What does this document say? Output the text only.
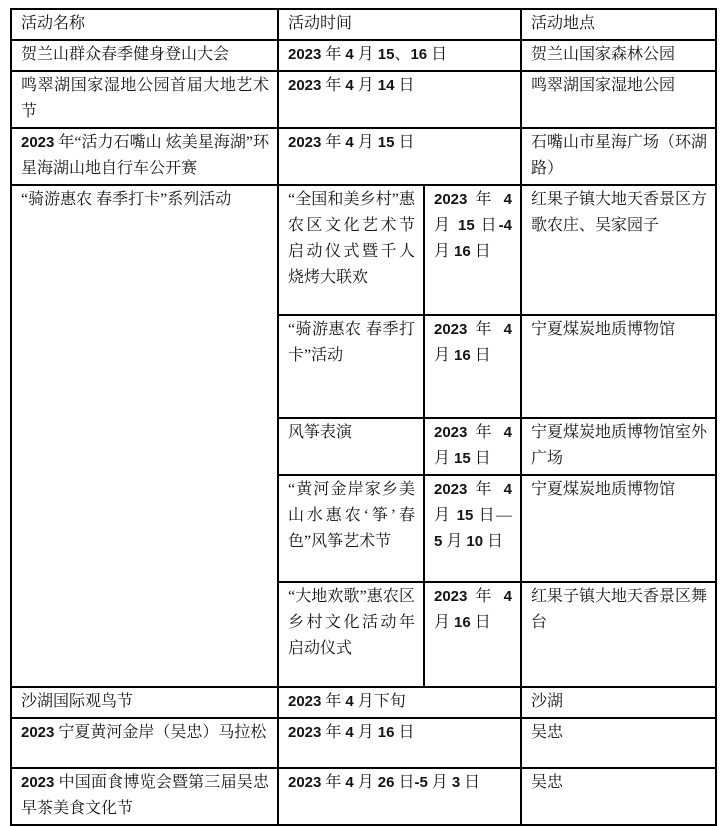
活动名称	活动时间		活动地点
贺兰山群众春季健身登山大会	2023 年 4 月 15、16 日		贺兰山国家森林公园
鸣翠湖国家湿地公园首届大地艺术节	2023 年 4 月 14 日		鸣翠湖国家湿地公园
2023 年“活力石嘴山 炫美星海湖”环星海湖山地自行车公开赛	2023 年 4 月 15 日		石嘴山市星海广场（环湖路）
“骑游惠农 春季打卡”系列活动	“全国和美乡村”惠农区文化艺术节启动仪式暨千人烧烤大联欢	2023 年 4 月 15 日-4 月 16 日	红果子镇大地天香景区方歌农庄、吴家园子
	“骑游惠农 春季打卡”活动	2023 年 4 月 16 日	宁夏煤炭地质博物馆
	风筝表演	2023 年 4 月 15 日	宁夏煤炭地质博物馆室外广场
	“黄河金岸家乡美 山水惠农‘筝’春色”风筝艺术节	2023 年 4 月 15 日—5 月 10 日	宁夏煤炭地质博物馆
	“大地欢歌”惠农区乡村文化活动年启动仪式	2023 年 4 月 16 日	红果子镇大地天香景区舞台
沙湖国际观鸟节	2023 年 4 月下旬		沙湖
2023 宁夏黄河金岸（吴忠）马拉松	2023 年 4 月 16 日		吴忠
2023 中国面食博览会暨第三届吴忠早茶美食文化节	2023 年 4 月 26 日-5 月 3 日		吴忠
